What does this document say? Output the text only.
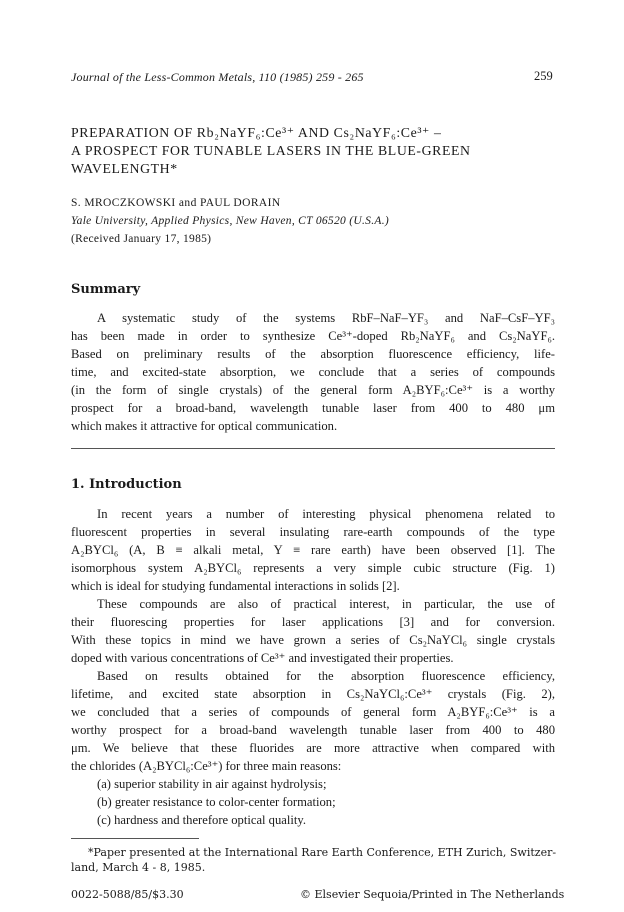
Journal of the Less-Common Metals, 110 (1985) 259 - 265	259
PREPARATION OF Rb₂NaYF₆:Ce³⁺ AND Cs₂NaYF₆:Ce³⁺ –
A PROSPECT FOR TUNABLE LASERS IN THE BLUE-GREEN
WAVELENGTH*
S. MROCZKOWSKI and PAUL DORAIN
Yale University, Applied Physics, New Haven, CT 06520 (U.S.A.)
(Received January 17, 1985)
Summary
A systematic study of the systems RbF–NaF–YF₃ and NaF–CsF–YF₃
has been made in order to synthesize Ce³⁺-doped Rb₂NaYF₆ and Cs₂NaYF₆.
Based on preliminary results of the absorption fluorescence efficiency, life-
time, and excited-state absorption, we conclude that a series of compounds
(in the form of single crystals) of the general form A₂BYF₆:Ce³⁺ is a worthy
prospect for a broad-band, wavelength tunable laser from 400 to 480 μm
which makes it attractive for optical communication.
1. Introduction
In recent years a number of interesting physical phenomena related to
fluorescent properties in several insulating rare-earth compounds of the type
A₂BYCl₆ (A, B ≡ alkali metal, Y ≡ rare earth) have been observed [1]. The
isomorphous system A₂BYCl₆ represents a very simple cubic structure (Fig. 1)
which is ideal for studying fundamental interactions in solids [2].
These compounds are also of practical interest, in particular, the use of
their fluorescing properties for laser applications [3] and for conversion.
With these topics in mind we have grown a series of Cs₂NaYCl₆ single crystals
doped with various concentrations of Ce³⁺ and investigated their properties.
Based on results obtained for the absorption fluorescence efficiency,
lifetime, and excited state absorption in Cs₂NaYCl₆:Ce³⁺ crystals (Fig. 2),
we concluded that a series of compounds of general form A₂BYF₆:Ce³⁺ is a
worthy prospect for a broad-band wavelength tunable laser from 400 to 480
μm. We believe that these fluorides are more attractive when compared with
the chlorides (A₂BYCl₆:Ce³⁺) for three main reasons:
(a) superior stability in air against hydrolysis;
(b) greater resistance to color-center formation;
(c) hardness and therefore optical quality.
*Paper presented at the International Rare Earth Conference, ETH Zurich, Switzer-
land, March 4 - 8, 1985.
0022-5088/85/$3.30	© Elsevier Sequoia/Printed in The Netherlands
